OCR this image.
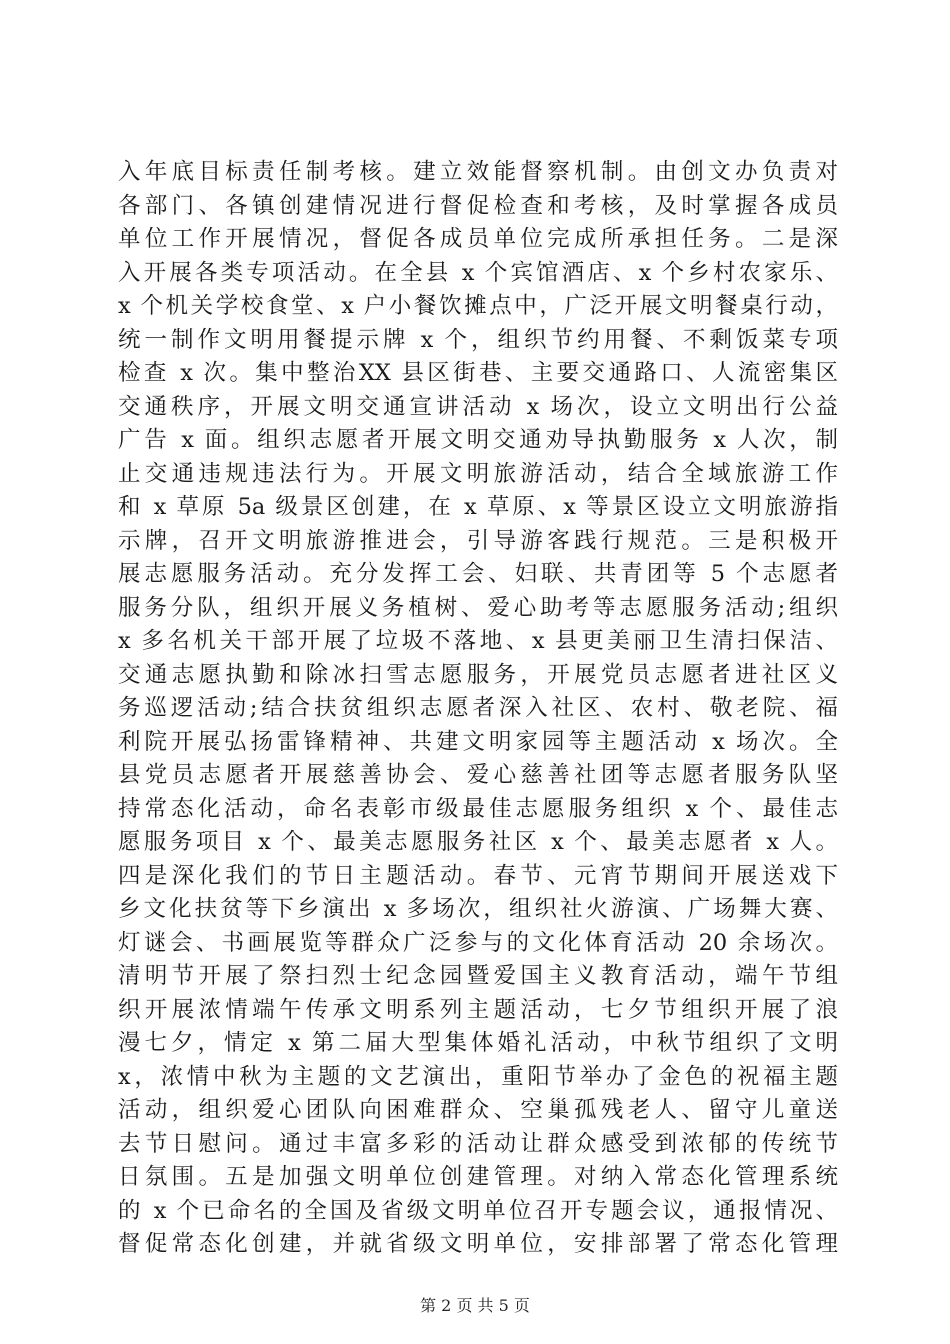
入年底目标责任制考核。建立效能督察机制。由创文办负责对
各部门、各镇创建情况进行督促检查和考核，及时掌握各成员
单位工作开展情况，督促各成员单位完成所承担任务。二是深
入开展各类专项活动。在全县 x 个宾馆酒店、x 个乡村农家乐、
x 个机关学校食堂、x 户小餐饮摊点中，广泛开展文明餐桌行动，
统一制作文明用餐提示牌 x 个，组织节约用餐、不剩饭菜专项
检查 x 次。集中整治XX 县区街巷、主要交通路口、人流密集区
交通秩序，开展文明交通宣讲活动 x 场次，设立文明出行公益
广告 x 面。组织志愿者开展文明交通劝导执勤服务 x 人次，制
止交通违规违法行为。开展文明旅游活动，结合全域旅游工作
和 x 草原 5a 级景区创建，在 x 草原、x 等景区设立文明旅游指
示牌，召开文明旅游推进会，引导游客践行规范。三是积极开
展志愿服务活动。充分发挥工会、妇联、共青团等 5 个志愿者
服务分队，组织开展义务植树、爱心助考等志愿服务活动;组织
x 多名机关干部开展了垃圾不落地、x 县更美丽卫生清扫保洁、
交通志愿执勤和除冰扫雪志愿服务，开展党员志愿者进社区义
务巡逻活动;结合扶贫组织志愿者深入社区、农村、敬老院、福
利院开展弘扬雷锋精神、共建文明家园等主题活动 x 场次。全
县党员志愿者开展慈善协会、爱心慈善社团等志愿者服务队坚
持常态化活动，命名表彰市级最佳志愿服务组织 x 个、最佳志
愿服务项目 x 个、最美志愿服务社区 x 个、最美志愿者 x 人。
四是深化我们的节日主题活动。春节、元宵节期间开展送戏下
乡文化扶贫等下乡演出 x 多场次，组织社火游演、广场舞大赛、
灯谜会、书画展览等群众广泛参与的文化体育活动 20 余场次。
清明节开展了祭扫烈士纪念园暨爱国主义教育活动，端午节组
织开展浓情端午传承文明系列主题活动，七夕节组织开展了浪
漫七夕，情定 x 第二届大型集体婚礼活动，中秋节组织了文明
x，浓情中秋为主题的文艺演出，重阳节举办了金色的祝福主题
活动，组织爱心团队向困难群众、空巢孤残老人、留守儿童送
去节日慰问。通过丰富多彩的活动让群众感受到浓郁的传统节
日氛围。五是加强文明单位创建管理。对纳入常态化管理系统
的 x 个已命名的全国及省级文明单位召开专题会议，通报情况、
督促常态化创建，并就省级文明单位，安排部署了常态化管理
第 2 页 共 5 页
